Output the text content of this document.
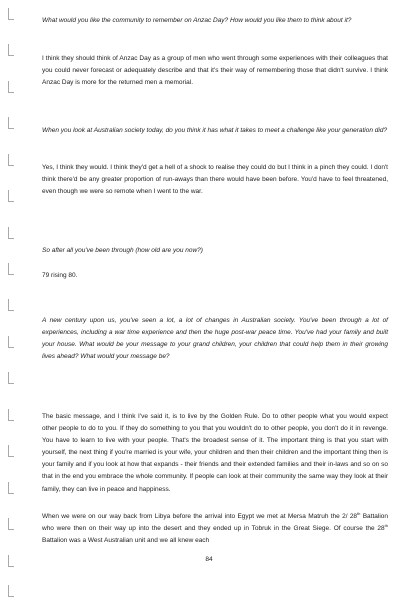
What would you like the community to remember on Anzac Day? How would you like them to think about it?

I think they should think of Anzac Day as a group of men who went through some experiences with their colleagues that you could never forecast or adequately describe and that it's their way of remembering those that didn't survive. I think Anzac Day is more for the returned men a memorial.

When you look at Australian society today, do you think it has what it takes to meet a challenge like your generation did?

Yes, I think they would. I think they'd get a hell of a shock to realise they could do but I think in a pinch they could. I don't think there'd be any greater proportion of run-aways than there would have been before. You'd have to feel threatened, even though we were so remote when I went to the war.

So after all you've been through (how old are you now?)

79 rising 80.

A new century upon us, you've seen a lot, a lot of changes in Australian society. You've been through a lot of experiences, including a war time experience and then the huge post-war peace time. You've had your family and built your house. What would be your message to your grand children, your children that could help them in their growing lives ahead? What would your message be?

The basic message, and I think I've said it, is to live by the Golden Rule. Do to other people what you would expect other people to do to you. If they do something to you that you wouldn't do to other people, you don't do it in revenge. You have to learn to live with your people. That's the broadest sense of it. The important thing is that you start with yourself, the next thing if you're married is your wife, your children and then their children and the important thing then is your family and if you look at how that expands - their friends and their extended families and their in-laws and so on so that in the end you embrace the whole community. If people can look at their community the same way they look at their family, they can live in peace and happiness.

When we were on our way back from Libya before the arrival into Egypt we met at Mersa Matruh the 2/ 28th Battalion who were then on their way up into the desert and they ended up in Tobruk in the Great Siege. Of course the 28th Battalion was a West Australian unit and we all knew each

84
